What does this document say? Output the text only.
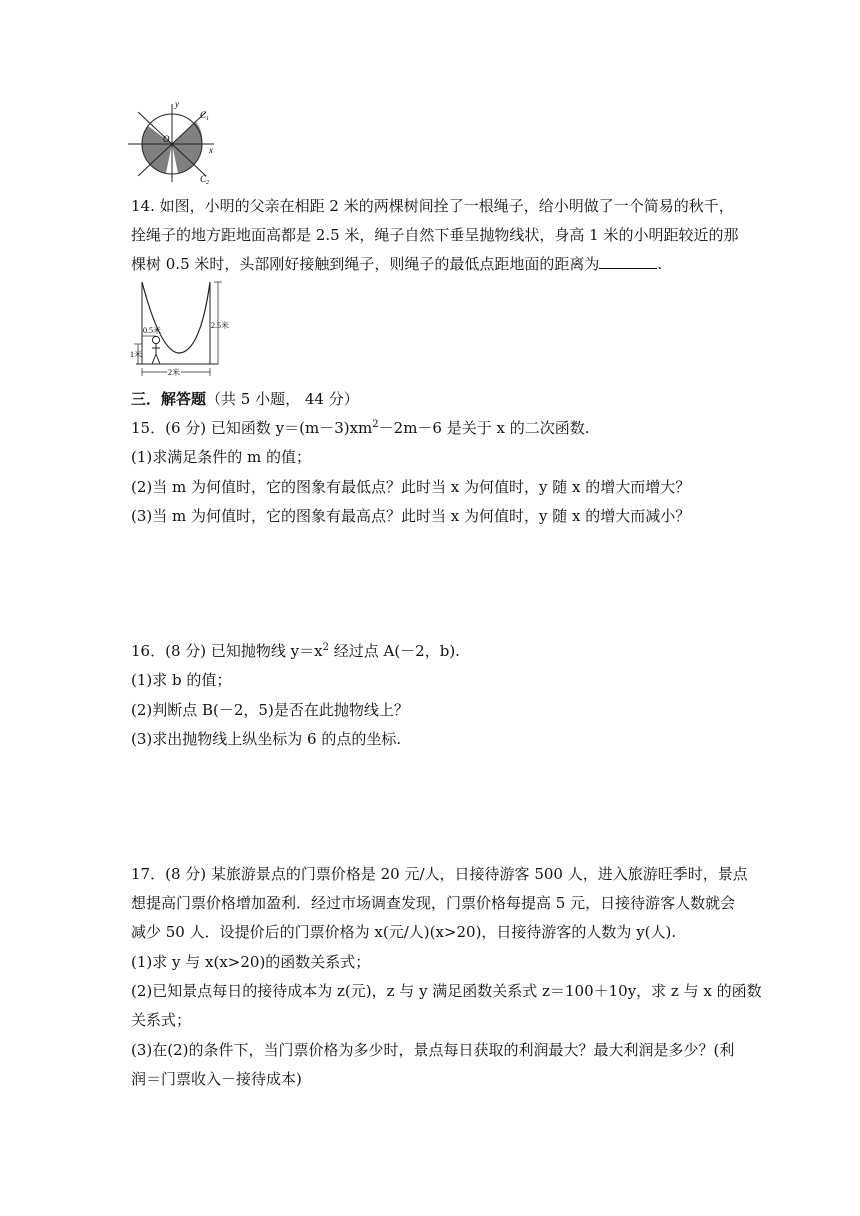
y
x
O
$C_1$
$C_2$
14. 如图，小明的父亲在相距 2 米的两棵树间拴了一根绳子，给小明做了一个简易的秋千，
拴绳子的地方距地面高都是 2.5 米，绳子自然下垂呈抛物线状，身高 1 米的小明距较近的那
棵树 0.5 米时，头部刚好接触到绳子，则绳子的最低点距地面的距离为	.
0.5米
1米
2.5米
2米
三．解答题（共 5 小题， 44 分）
15．(6 分) 已知函数 $y=(m-3)xm^2-2m-6$ 是关于 x 的二次函数.
(1)求满足条件的 m 的值；
(2)当 m 为何值时，它的图象有最低点？此时当 x 为何值时，y 随 x 的增大而增大？
(3)当 m 为何值时，它的图象有最高点？此时当 x 为何值时，y 随 x 的增大而减小？
16．(8 分) 已知抛物线 $y=x^2$ 经过点 A(－2，b).
(1)求 b 的值；
(2)判断点 B(－2，5)是否在此抛物线上？
(3)求出抛物线上纵坐标为 6 的点的坐标.
17．(8 分) 某旅游景点的门票价格是 20 元/人，日接待游客 500 人，进入旅游旺季时，景点
想提高门票价格增加盈利．经过市场调查发现，门票价格每提高 5 元，日接待游客人数就会
减少 50 人．设提价后的门票价格为 x(元/人)(x>20)，日接待游客的人数为 y(人).
(1)求 y 与 x(x>20)的函数关系式；
(2)已知景点每日的接待成本为 z(元)，z 与 y 满足函数关系式 z＝100＋10y，求 z 与 x 的函数
关系式；
(3)在(2)的条件下，当门票价格为多少时，景点每日获取的利润最大？最大利润是多少？(利
润＝门票收入－接待成本)
